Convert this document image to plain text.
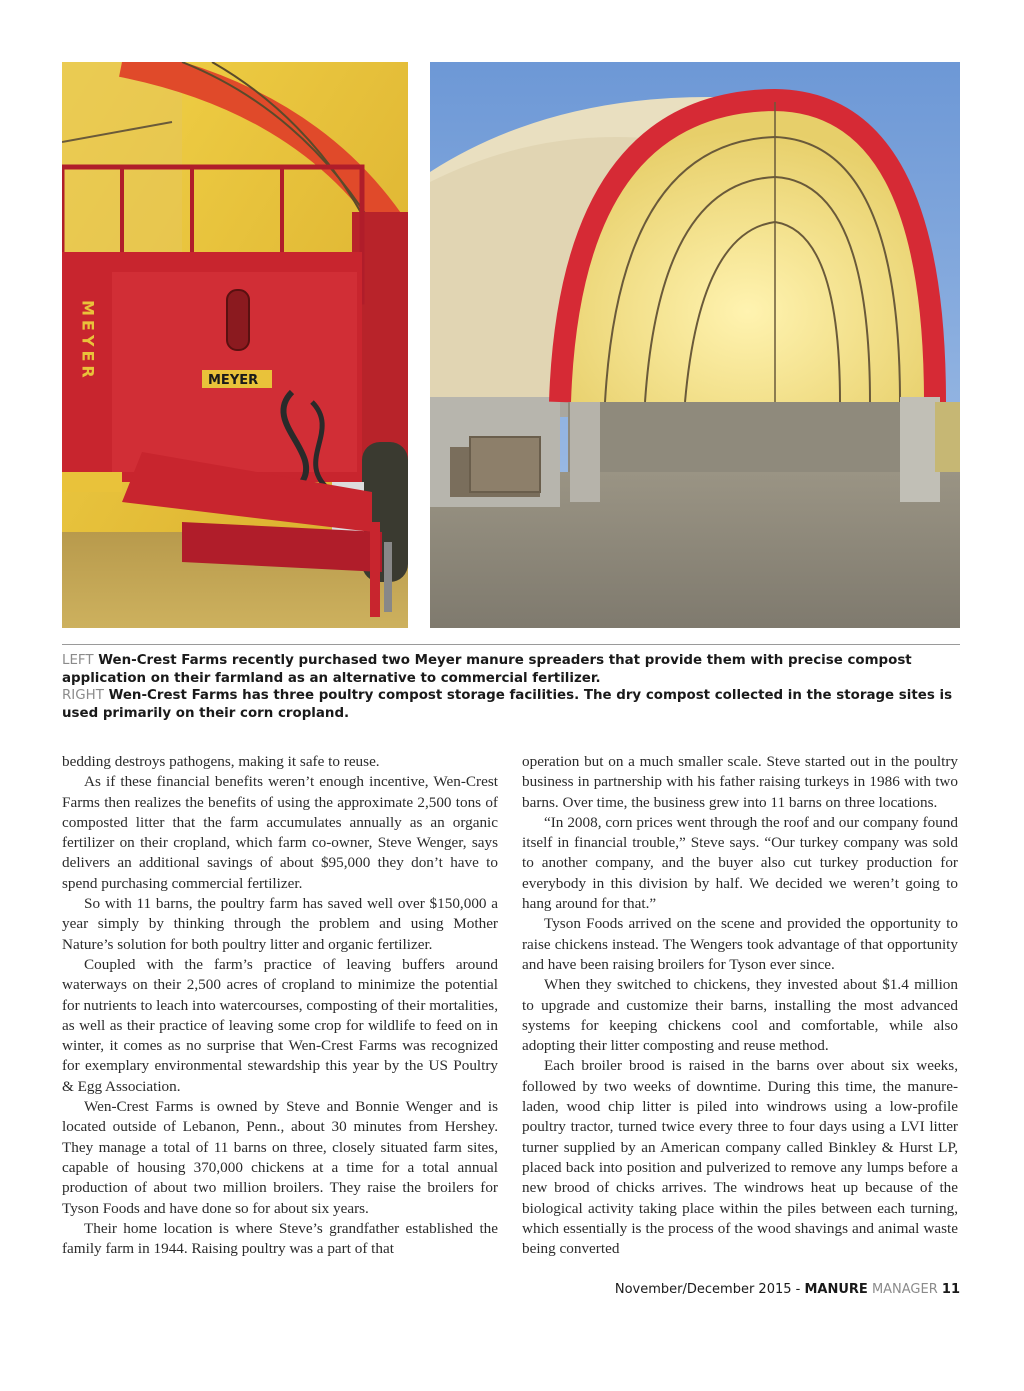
MEYER
MEYER

LEFT Wen-Crest Farms recently purchased two Meyer manure spreaders that provide them with precise compost application on their farmland as an alternative to commercial fertilizer.

RIGHT Wen-Crest Farms has three poultry compost storage facilities. The dry compost collected in the storage sites is used primarily on their corn cropland.

bedding destroys pathogens, making it safe to reuse.

As if these financial benefits weren’t enough incentive, Wen-Crest Farms then realizes the benefits of using the approximate 2,500 tons of composted litter that the farm accumulates annually as an organic fertilizer on their cropland, which farm co-owner, Steve Wenger, says delivers an additional savings of about $95,000 they don’t have to spend purchasing commercial fertilizer.

So with 11 barns, the poultry farm has saved well over $150,000 a year simply by thinking through the problem and using Mother Nature’s solution for both poultry litter and organic fertilizer.

Coupled with the farm’s practice of leaving buffers around waterways on their 2,500 acres of cropland to minimize the potential for nutrients to leach into watercourses, composting of their mortalities, as well as their practice of leaving some crop for wildlife to feed on in winter, it comes as no surprise that Wen-Crest Farms was recognized for exemplary environmental stewardship this year by the US Poultry & Egg Association.

Wen-Crest Farms is owned by Steve and Bonnie Wenger and is located outside of Lebanon, Penn., about 30 minutes from Hershey. They manage a total of 11 barns on three, closely situated farm sites, capable of housing 370,000 chickens at a time for a total annual production of about two million broilers. They raise the broilers for Tyson Foods and have done so for about six years.

Their home location is where Steve’s grandfather established the family farm in 1944. Raising poultry was a part of that

operation but on a much smaller scale. Steve started out in the poultry business in partnership with his father raising turkeys in 1986 with two barns. Over time, the business grew into 11 barns on three locations.

“In 2008, corn prices went through the roof and our company found itself in financial trouble,” Steve says. “Our turkey company was sold to another company, and the buyer also cut turkey production for everybody in this division by half. We decided we weren’t going to hang around for that.”

Tyson Foods arrived on the scene and provided the opportunity to raise chickens instead. The Wengers took advantage of that opportunity and have been raising broilers for Tyson ever since.

When they switched to chickens, they invested about $1.4 million to upgrade and customize their barns, installing the most advanced systems for keeping chickens cool and comfortable, while also adopting their litter composting and reuse method.

Each broiler brood is raised in the barns over about six weeks, followed by two weeks of downtime. During this time, the manure-laden, wood chip litter is piled into windrows using a low-profile poultry tractor, turned twice every three to four days using a LVI litter turner supplied by an American company called Binkley & Hurst LP, placed back into position and pulverized to remove any lumps before a new brood of chicks arrives. The windrows heat up because of the biological activity taking place within the piles between each turning, which essentially is the process of the wood shavings and animal waste being converted

November/December 2015 - MANURE MANAGER 11
